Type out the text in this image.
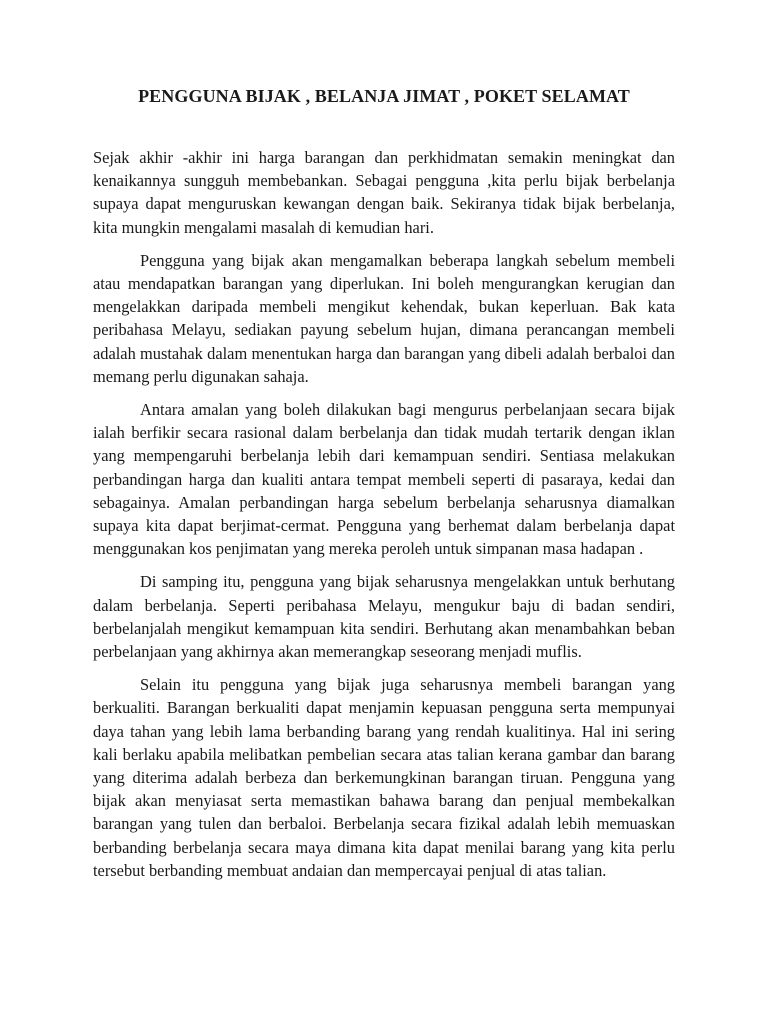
PENGGUNA BIJAK , BELANJA JIMAT , POKET SELAMAT

Sejak akhir -akhir ini harga barangan dan perkhidmatan semakin meningkat dan kenaikannya sungguh membebankan. Sebagai pengguna ,kita perlu bijak berbelanja supaya dapat menguruskan kewangan dengan baik. Sekiranya tidak bijak berbelanja, kita mungkin mengalami masalah di kemudian hari.

Pengguna yang bijak akan mengamalkan beberapa langkah sebelum membeli atau mendapatkan barangan yang diperlukan. Ini boleh mengurangkan kerugian dan mengelakkan daripada membeli mengikut kehendak, bukan keperluan. Bak kata peribahasa Melayu, sediakan payung sebelum hujan, dimana perancangan membeli adalah mustahak dalam menentukan harga dan barangan yang dibeli adalah berbaloi dan memang perlu digunakan sahaja.

Antara amalan yang boleh dilakukan bagi mengurus perbelanjaan secara bijak ialah berfikir secara rasional dalam berbelanja dan tidak mudah tertarik dengan iklan yang mempengaruhi berbelanja lebih dari kemampuan sendiri. Sentiasa melakukan perbandingan harga dan kualiti antara tempat membeli seperti di pasaraya, kedai dan sebagainya. Amalan perbandingan harga sebelum berbelanja seharusnya diamalkan supaya kita dapat berjimat-cermat. Pengguna yang berhemat dalam berbelanja dapat menggunakan kos penjimatan yang mereka peroleh untuk simpanan masa hadapan .

Di samping itu, pengguna yang bijak seharusnya mengelakkan untuk berhutang dalam berbelanja. Seperti peribahasa Melayu, mengukur baju di badan sendiri, berbelanjalah mengikut kemampuan kita sendiri. Berhutang akan menambahkan beban perbelanjaan yang akhirnya akan memerangkap seseorang menjadi muflis.

Selain itu pengguna yang bijak juga seharusnya membeli barangan yang berkualiti. Barangan berkualiti dapat menjamin kepuasan pengguna serta mempunyai daya tahan yang lebih lama berbanding barang yang rendah kualitinya. Hal ini sering kali berlaku apabila melibatkan pembelian secara atas talian kerana gambar dan barang yang diterima adalah berbeza dan berkemungkinan barangan tiruan. Pengguna yang bijak akan menyiasat serta memastikan bahawa barang dan penjual membekalkan barangan yang tulen dan berbaloi. Berbelanja secara fizikal adalah lebih memuaskan berbanding berbelanja secara maya dimana kita dapat menilai barang yang kita perlu tersebut berbanding membuat andaian dan mempercayai penjual di atas talian.
